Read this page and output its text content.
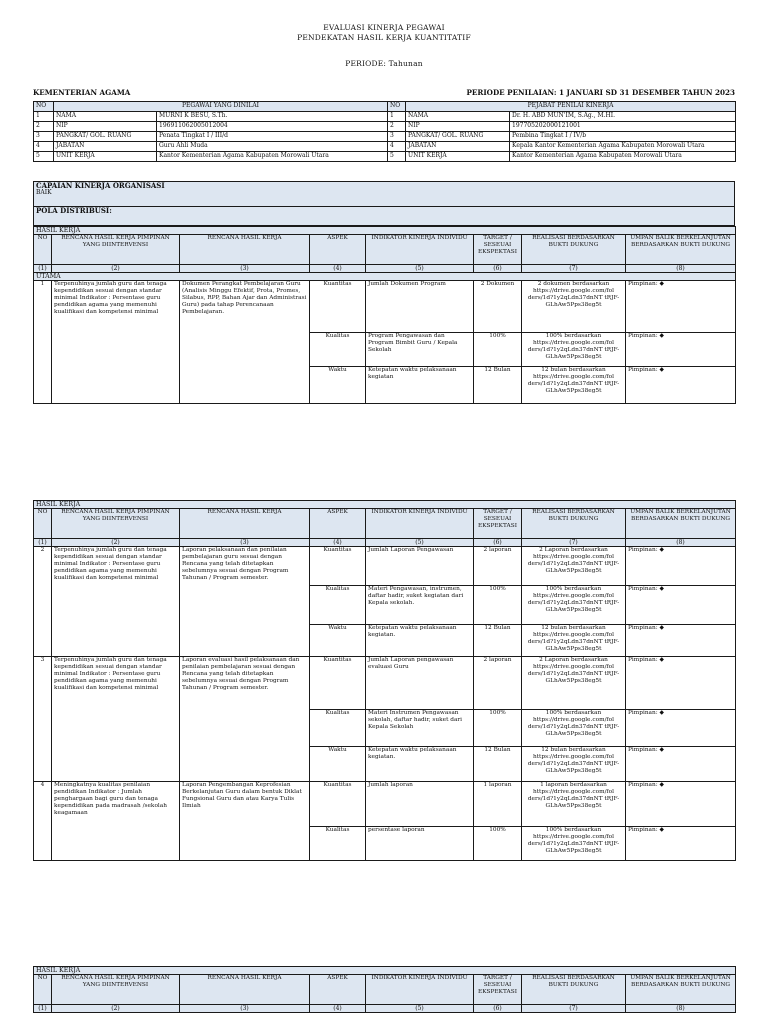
EVALUASI KINERJA PEGAWAI
PENDEKATAN HASIL KERJA KUANTITATIF
PERIODE: Tahunan
KEMENTERIAN AGAMA	PERIODE PENILAIAN: 1 JANUARI SD 31 DESEMBER TAHUN 2023
NO	PEGAWAI YANG DINILAI		NO	PEJABAT PENILAI KINERJA	
1	NAMA	MURNI K BESU, S.Th.	1	NAMA	Dr. H. ABD MUN'IM, S.Ag., M.HI.
2	NIP	196911062005012004	2	NIP	197705202000121001
3	PANGKAT/ GOL. RUANG	Penata Tingkat I / III/d	3	PANGKAT/ GOL. RUANG	Pembina Tingkat I / IV/b
4	JABATAN	Guru Ahli Muda	4	JABATAN	Kepala Kantor Kementerian Agama Kabupaten Morowali Utara
5	UNIT KERJA	Kantor Kementerian Agama Kabupaten Morowali Utara	5	UNIT KERJA	Kantor Kementerian Agama Kabupaten Morowali Utara
CAPAIAN KINERJA ORGANISASI
BAIK

POLA DISTRIBUSI:
HASIL KERJA							
NO	RENCANA HASIL KERJA PIMPINAN YANG DIINTERVENSI	RENCANA HASIL KERJA	ASPEK	INDIKATOR KINERJA INDIVIDU	TARGET / SESEUAI EKSPEKTASI	REALISASI BERDASARKAN BUKTI DUKUNG	UMPAN BALIK BERKELANJUTAN BERDASARKAN BUKTI DUKUNG
(1)	(2)	(3)	(4)	(5)	(6)	(7)	(8)
UTAMA							
1	Terpenuhinya jumlah guru dan tenaga kependidikan sesuai dengan standar minimal Indikator : Persentase guru pendidikan agama yang memenuhi kualifikasi dan kompetensi minimal	Dokumen Perangkat Pembelajaran Guru (Analisis Minggu Efektif, Prota, Promes, Silabus, RPP, Bahan Ajar dan Administrasi Guru) pada tahap Perencanaan Pembelajaran.	Kuantitas	Jumlah Dokumen Program	2 Dokumen	2 dokumen berdasarkan https://drive.google.com/fol ders/1d?1y2qLdn37dnNT tRJF-GLhAw5Pps38eg5t	Pimpinan: ◆
			Kualitas	Program Pengawasan dan Program Bimbit Guru / Kepala Sekolah	100%	100% berdasarkan https://drive.google.com/fol ders/1d?1y2qLdn37dnNT tRJF-GLhAw5Pps38eg5t	Pimpinan: ◆
			Waktu	Ketepatan waktu pelaksanaan kegiatan	12 Bulan	12 bulan berdasarkan https://drive.google.com/fol ders/1d?1y2qLdn37dnNT tRJF-GLhAw5Pps38eg5t	Pimpinan: ◆
HASIL KERJA							
NO	RENCANA HASIL KERJA PIMPINAN YANG DIINTERVENSI	RENCANA HASIL KERJA	ASPEK	INDIKATOR KINERJA INDIVIDU	TARGET / SESEUAI EKSPEKTASI	REALISASI BERDASARKAN BUKTI DUKUNG	UMPAN BALIK BERKELANJUTAN BERDASARKAN BUKTI DUKUNG
(1)	(2)	(3)	(4)	(5)	(6)	(7)	(8)
2	Terpenuhinya jumlah guru dan tenaga kependidikan sesuai dengan standar minimal Indikator : Persentase guru pendidikan agama yang memenuhi kualifikasi dan kompetensi minimal	Laporan pelaksanaan dan penilaian pembelajaran guru sesuai dengan Rencana yang telah ditetapkan sebelumnya sesuai dengan Program Tahunan / Program semester.	Kuantitas	Jumlah Laporan Pengawasan	2 laporan	2 Laporan berdasarkan https://drive.google.com/fol ders/1d?1y2qLdn37dnNT tRJF-GLhAw5Pps38eg5t	Pimpinan: ◆
			Kualitas	Materi Pengawasan, instrumen, daftar hadir, suket kegiatan dari Kepala sekolah.	100%	100% berdasarkan https://drive.google.com/fol ders/1d?1y2qLdn37dnNT tRJF-GLhAw5Pps38eg5t	Pimpinan: ◆
			Waktu	Ketepatan waktu pelaksanaan kegiatan.	12 Bulan	12 bulan berdasarkan https://drive.google.com/fol ders/1d?1y2qLdn37dnNT tRJF-GLhAw5Pps38eg5t	Pimpinan: ◆
3	Terpenuhinya jumlah guru dan tenaga kependidikan sesuai dengan standar minimal Indikator : Persentase guru pendidikan agama yang memenuhi kualifikasi dan kompetensi minimal	Laporan evaluasi hasil pelaksanaan dan penilaian pembelajaran sesuai dengan Rencana yang telah ditetapkan sebelumnya sesuai dengan Program Tahunan / Program semester.	Kuantitas	Jumlah Laporan pengawasan evaluasi Guru	2 laporan	2 Laporan berdasarkan https://drive.google.com/fol ders/1d?1y2qLdn37dnNT tRJF-GLhAw5Pps38eg5t	Pimpinan: ◆
			Kualitas	Materi Instrumen Pengawasan sekolah, daftar hadir, suket dari Kepala Sekolah	100%	100% berdasarkan https://drive.google.com/fol ders/1d?1y2qLdn37dnNT tRJF-GLhAw5Pps38eg5t	Pimpinan: ◆
			Waktu	Ketepatan waktu pelaksanaan kegiatan.	12 Bulan	12 bulan berdasarkan https://drive.google.com/fol ders/1d?1y2qLdn37dnNT tRJF-GLhAw5Pps38eg5t	Pimpinan: ◆
4	Meningkatnya kualitas penilaian pendidikan Indikator : Jumlah penghargaan bagi guru dan tenaga kependidikan pada madrasah /sekolah keagamaan	Laporan Pengembangan Keprofesian Berkelanjutan Guru dalam bentuk Diklat Fungsional Guru dan atau Karya Tulis Ilmiah	Kuantitas	Jumlah laporan	1 laporan	1 laporan berdasarkan https://drive.google.com/fol ders/1d?1y2qLdn37dnNT tRJF-GLhAw5Pps38eg5t	Pimpinan: ◆
			Kualitas	persentase laporan	100%	100% berdasarkan https://drive.google.com/fol ders/1d?1y2qLdn37dnNT tRJF-GLhAw5Pps38eg5t	Pimpinan: ◆
HASIL KERJA							
NO	RENCANA HASIL KERJA PIMPINAN YANG DIINTERVENSI	RENCANA HASIL KERJA	ASPEK	INDIKATOR KINERJA INDIVIDU	TARGET / SESEUAI EKSPEKTASI	REALISASI BERDASARKAN BUKTI DUKUNG	UMPAN BALIK BERKELANJUTAN BERDASARKAN BUKTI DUKUNG
(1)	(2)	(3)	(4)	(5)	(6)	(7)	(8)
